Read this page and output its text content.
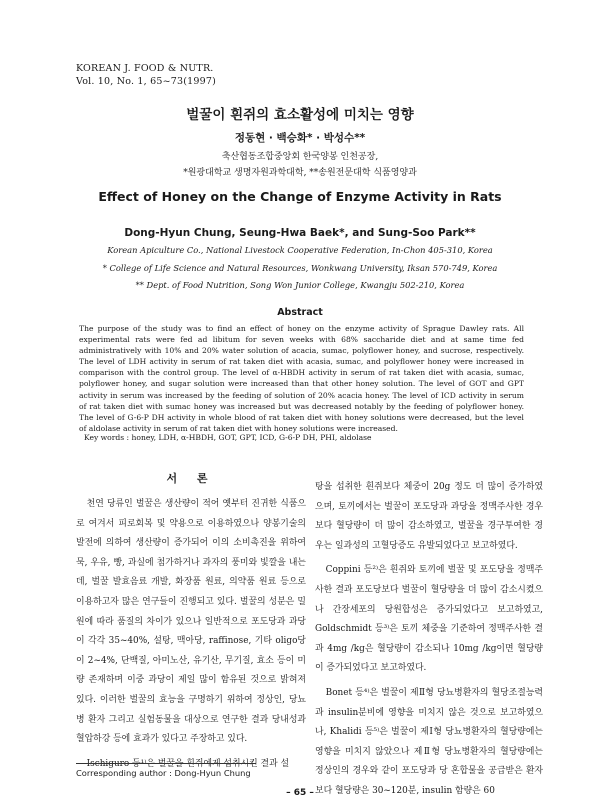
KOREAN J. FOOD & NUTR.
Vol. 10, No. 1, 65~73(1997)
벌꿀이 흰쥐의 효소활성에 미치는 영향
정동현 · 백승화* · 박성수**
축산협동조합중앙회 한국양봉 인천공장,
*원광대학교 생명자원과학대학, **송원전문대학 식품영양과
Effect of Honey on the Change of Enzyme Activity in Rats
Dong-Hyun Chung, Seung-Hwa Baek*, and Sung-Soo Park**
Korean Apiculture Co., National Livestock Cooperative Federation, In-Chon 405-310, Korea
* College of Life Science and Natural Resources, Wonkwang University, Iksan 570-749, Korea
** Dept. of Food Nutrition, Song Won Junior College, Kwangju 502-210, Korea
Abstract
The purpose of the study was to find an effect of honey on the enzyme activity of Sprague Dawley rats. All experimental rats were fed ad libitum for seven weeks with 68% saccharide diet and at same time fed administratively with 10% and 20% water solution of acacia, sumac, polyflower honey, and sucrose, respectively. The level of LDH activity in serum of rat taken diet with acasia, sumac, and polyflower honey were increased in comparison with the control group. The level of α-HBDH activity in serum of rat taken diet with acasia, sumac, polyflower honey, and sugar solution were increased than that other honey solution. The level of GOT and GPT activity in serum was increased by the feeding of solution of 20% acacia honey. The level of ICD activity in serum of rat taken diet with sumac honey was increased but was decreased notably by the feeding of polyflower honey. The level of G-6-P DH activity in whole blood of rat taken diet with honey solutions were decreased, but the level of aldolase activity in serum of rat taken diet with honey solutions were increased.
Key words : honey, LDH, α-HBDH, GOT, GPT, ICD, G-6-P DH, PHI, aldolase
서 론

천연 당류인 벌꿀은 생산량이 적어 옛부터 진귀한 식품으로 여겨서 피로회복 및 약용으로 이용하였으나 양봉기술의 발전에 의하여 생산량이 증가되어 이의 소비촉진을 위하여 묵, 우유, 빵, 과실에 첨가하거나 과자의 풍미와 빛깔을 내는데, 벌꿀 발효음료 개발, 화장품 원료, 의약품 원료 등으로 이용하고자 많은 연구들이 진행되고 있다. 벌꿀의 성분은 밀원에 따라 품질의 차이가 있으나 일반적으로 포도당과 과당이 각각 35~40%, 설탕, 맥아당, raffinose, 기타 oligo당이 2~4%, 단백질, 아미노산, 유기산, 무기질, 효소 등이 미량 존재하며 이중 과당이 제일 많이 함유된 것으로 밝혀져 있다. 이러한 벌꿀의 효능을 구명하기 위하여 정상인, 당뇨병 환자 그리고 실험동물을 대상으로 연구한 결과 당내성과 혈압하강 등에 효과가 있다고 주장하고 있다.

Ischiguro 등¹⁾은 벌꿀을 흰쥐에게 섭취시킨 결과 설

탕을 섭취한 흰쥐보다 체중이 20g 정도 더 많이 증가하였으며, 토끼에서는 벌꿀이 포도당과 과당을 정맥주사한 경우보다 혈당량이 더 많이 감소하였고, 벌꿀을 경구투여한 경우는 일과성의 고혈당증도 유발되었다고 보고하였다.

Coppini 등²⁾은 흰쥐와 토끼에 벌꿀 및 포도당을 정맥주사한 결과 포도당보다 벌꿀이 혈당량을 더 많이 감소시켰으나 간장세포의 당원합성은 증가되었다고 보고하였고, Goldschmidt 등³⁾은 토끼 체중을 기준하여 정맥주사한 결과 4mg /kg은 혈당량이 감소되나 10mg /kg이면 혈당량이 증가되었다고 보고하였다.

Bonet 등⁴⁾은 벌꿀이 제Ⅱ형 당뇨병환자의 혈당조절능력과 insulin분비에 영향을 미치지 않은 것으로 보고하였으나, Khalidi 등⁵⁾은 벌꿀이 제Ⅰ형 당뇨병환자의 혈당량에는 영향을 미치지 않았으나 제Ⅱ형 당뇨병환자의 혈당량에는 정상인의 경우와 같이 포도당과 당 혼합물을 공급받은 환자보다 혈당량은 30~120분, insulin 함량은 60

Corresponding author : Dong-Hyun Chung
– 65 –
